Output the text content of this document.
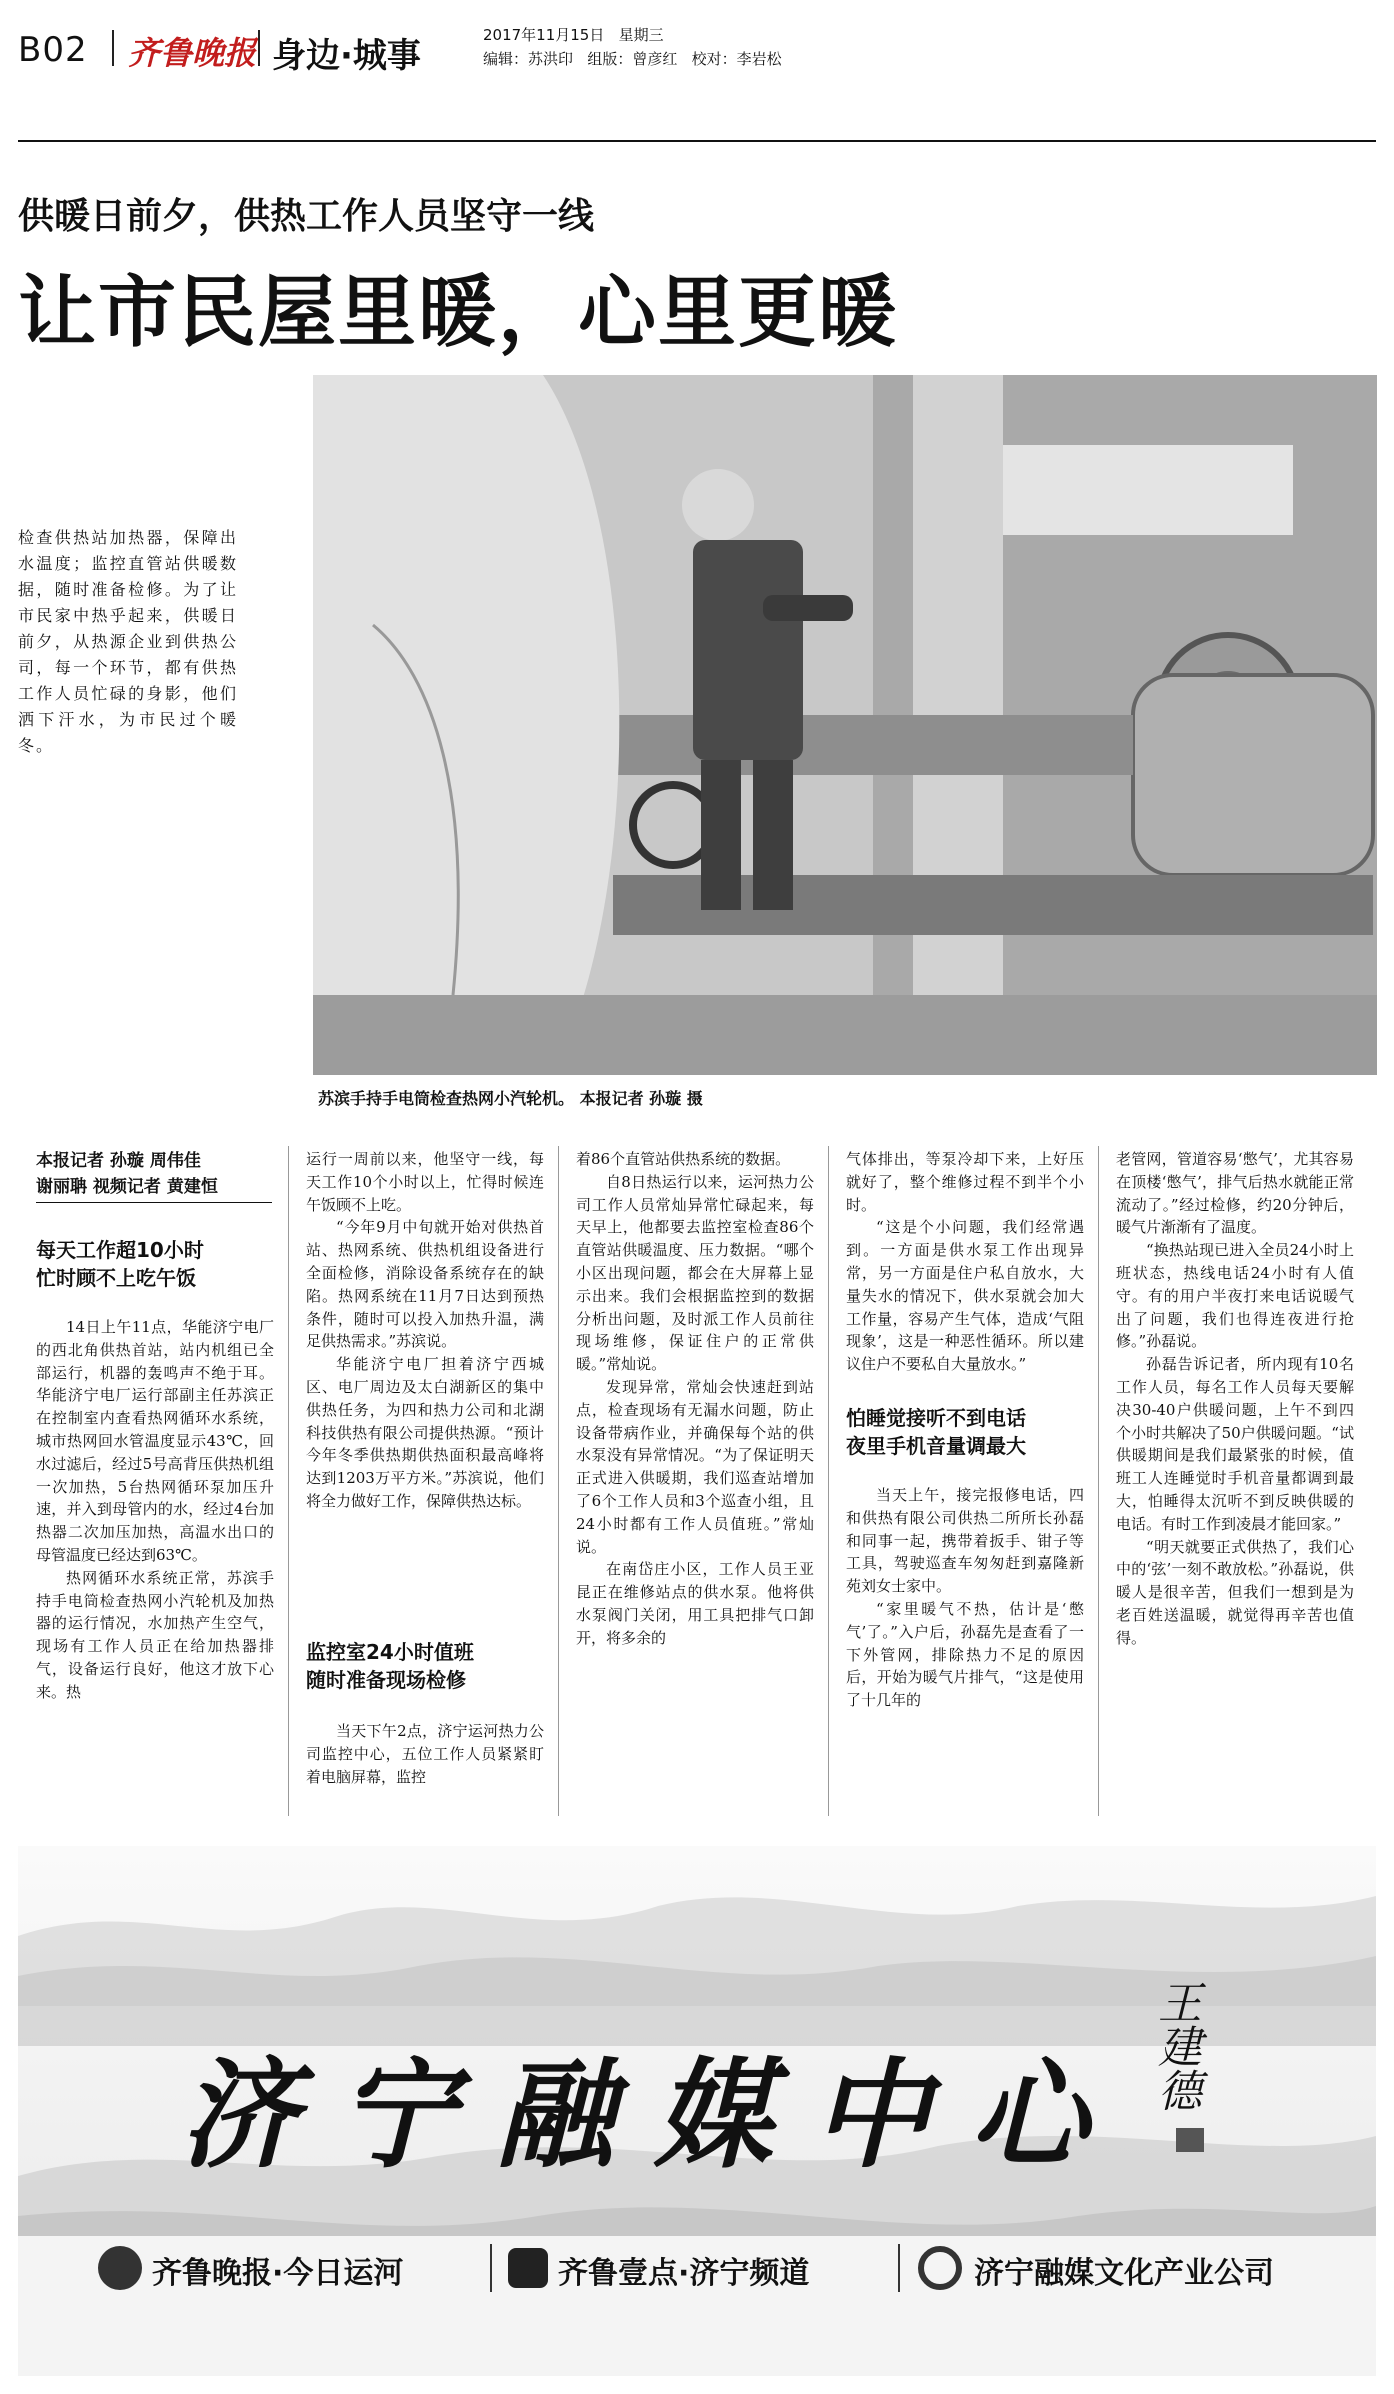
B02 齐鲁晚报 身边·城事
2017年11月15日 星期三
编辑：苏洪印 组版：曾彦红 校对：李岩松
供暖日前夕，供热工作人员坚守一线
让市民屋里暖，心里更暖
检查供热站加热器，保障出水温度；监控直管站供暖数据，随时准备检修。为了让市民家中热乎起来，供暖日前夕，从热源企业到供热公司，每一个环节，都有供热工作人员忙碌的身影，他们洒下汗水，为市民过个暖冬。
苏滨手持手电筒检查热网小汽轮机。 本报记者 孙璇 摄
本报记者 孙璇 周伟佳
谢丽聃 视频记者 黄建恒
每天工作超10小时
忙时顾不上吃午饭

14日上午11点，华能济宁电厂的西北角供热首站，站内机组已全部运行，机器的轰鸣声不绝于耳。华能济宁电厂运行部副主任苏滨正在控制室内查看热网循环水系统，城市热网回水管温度显示43℃，回水过滤后，经过5号高背压供热机组一次加热，5台热网循环泵加压升速，并入到母管内的水，经过4台加热器二次加压加热，高温水出口的母管温度已经达到63℃。

热网循环水系统正常，苏滨手持手电筒检查热网小汽轮机及加热器的运行情况，水加热产生空气，现场有工作人员正在给加热器排气，设备运行良好，他这才放下心来。热

运行一周前以来，他坚守一线，每天工作10个小时以上，忙得时候连午饭顾不上吃。

“今年9月中旬就开始对供热首站、热网系统、供热机组设备进行全面检修，消除设备系统存在的缺陷。热网系统在11月7日达到预热条件，随时可以投入加热升温，满足供热需求。”苏滨说。

华能济宁电厂担着济宁西城区、电厂周边及太白湖新区的集中供热任务，为四和热力公司和北湖科技供热有限公司提供热源。“预计今年冬季供热期供热面积最高峰将达到1203万平方米。”苏滨说，他们将全力做好工作，保障供热达标。

监控室24小时值班
随时准备现场检修

当天下午2点，济宁运河热力公司监控中心，五位工作人员紧紧盯着电脑屏幕，监控

着86个直管站供热系统的数据。

自8日热运行以来，运河热力公司工作人员常灿异常忙碌起来，每天早上，他都要去监控室检查86个直管站供暖温度、压力数据。“哪个小区出现问题，都会在大屏幕上显示出来。我们会根据监控到的数据分析出问题，及时派工作人员前往现场维修，保证住户的正常供暖。”常灿说。

发现异常，常灿会快速赶到站点，检查现场有无漏水问题，防止设备带病作业，并确保每个站的供水泵没有异常情况。“为了保证明天正式进入供暖期，我们巡查站增加了6个工作人员和3个巡查小组，且24小时都有工作人员值班。”常灿说。

在南岱庄小区，工作人员王亚昆正在维修站点的供水泵。他将供水泵阀门关闭，用工具把排气口卸开，将多余的

气体排出，等泵冷却下来，上好压就好了，整个维修过程不到半个小时。

“这是个小问题，我们经常遇到。一方面是供水泵工作出现异常，另一方面是住户私自放水，大量失水的情况下，供水泵就会加大工作量，容易产生气体，造成‘气阻现象’，这是一种恶性循环。所以建议住户不要私自大量放水。”

怕睡觉接听不到电话
夜里手机音量调最大

当天上午，接完报修电话，四和供热有限公司供热二所所长孙磊和同事一起，携带着扳手、钳子等工具，驾驶巡查车匆匆赶到嘉隆新苑刘女士家中。

“家里暖气不热，估计是‘憋气’了。”入户后，孙磊先是查看了一下外管网，排除热力不足的原因后，开始为暖气片排气，“这是使用了十几年的

老管网，管道容易‘憋气’，尤其容易在顶楼‘憋气’，排气后热水就能正常流动了。”经过检修，约20分钟后，暖气片渐渐有了温度。

“换热站现已进入全员24小时上班状态，热线电话24小时有人值守。有的用户半夜打来电话说暖气出了问题，我们也得连夜进行抢修。”孙磊说。

孙磊告诉记者，所内现有10名工作人员，每名工作人员每天要解决30-40户供暖问题，上午不到四个小时共解决了50户供暖问题。“试供暖期间是我们最紧张的时候，值班工人连睡觉时手机音量都调到最大，怕睡得太沉听不到反映供暖的电话。有时工作到凌晨才能回家。”

“明天就要正式供热了，我们心中的‘弦’一刻不敢放松。”孙磊说，供暖人是很辛苦，但我们一想到是为老百姓送温暖，就觉得再辛苦也值得。

济宁融媒中心 王建德
齐鲁晚报·今日运河	齐鲁壹点·济宁频道	济宁融媒文化产业公司
